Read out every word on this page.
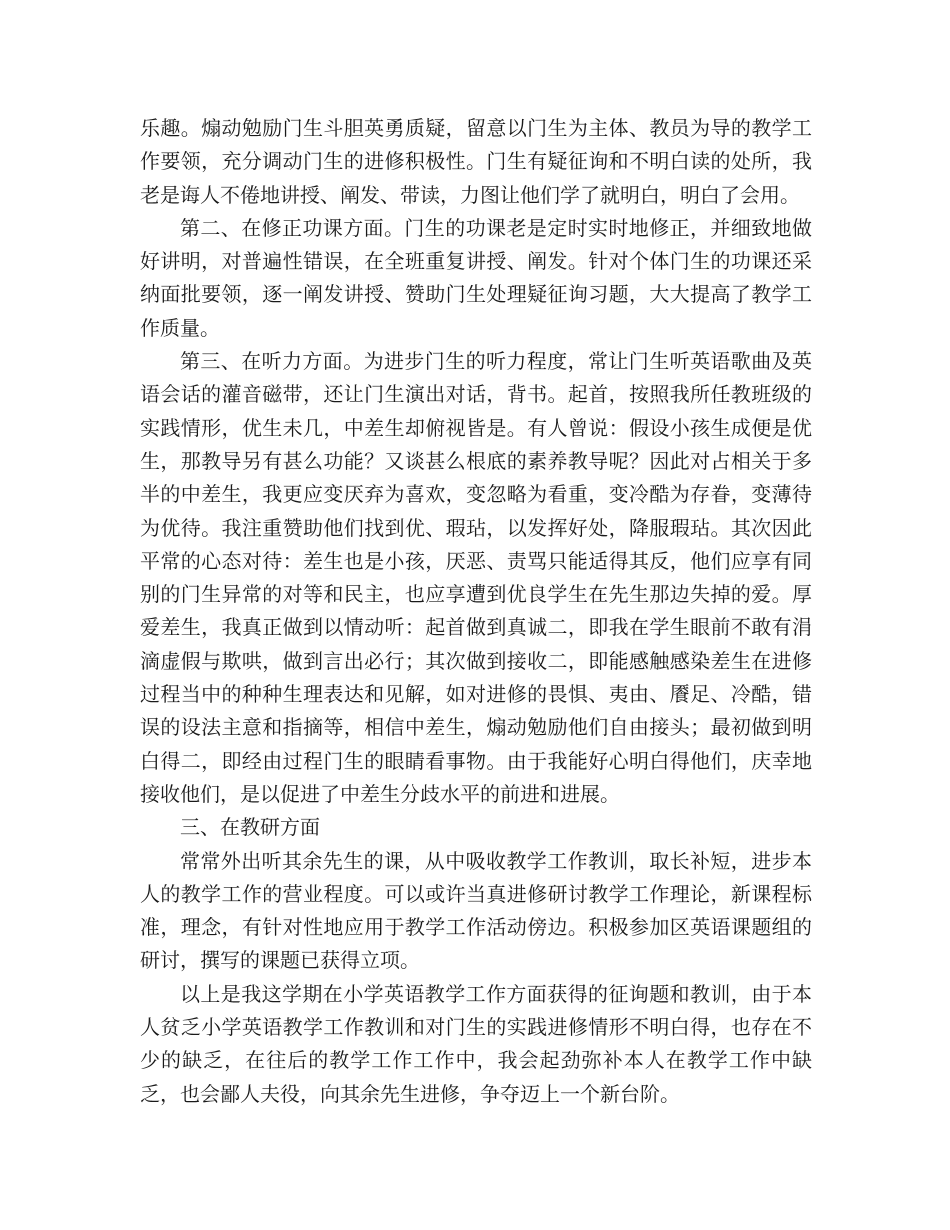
乐趣。煽动勉励门生斗胆英勇质疑，留意以门生为主体、教员为导的教学工作要领，充分调动门生的进修积极性。门生有疑征询和不明白读的处所，我老是诲人不倦地讲授、阐发、带读，力图让他们学了就明白，明白了会用。

第二、在修正功课方面。门生的功课老是定时实时地修正，并细致地做好讲明，对普遍性错误，在全班重复讲授、阐发。针对个体门生的功课还采纳面批要领，逐一阐发讲授、赞助门生处理疑征询习题，大大提高了教学工作质量。

第三、在听力方面。为进步门生的听力程度，常让门生听英语歌曲及英语会话的灌音磁带，还让门生演出对话，背书。起首，按照我所任教班级的实践情形，优生未几，中差生却俯视皆是。有人曾说：假设小孩生成便是优生，那教导另有甚么功能？又谈甚么根底的素养教导呢？因此对占相关于多半的中差生，我更应变厌弃为喜欢，变忽略为看重，变冷酷为存眷，变薄待为优待。我注重赞助他们找到优、瑕玷，以发挥好处，降服瑕玷。其次因此平常的心态对待：差生也是小孩，厌恶、责骂只能适得其反，他们应享有同别的门生异常的对等和民主，也应享遭到优良学生在先生那边失掉的爱。厚爱差生，我真正做到以情动听：起首做到真诚二，即我在学生眼前不敢有涓滴虚假与欺哄，做到言出必行；其次做到接收二，即能感触感染差生在进修过程当中的种种生理表达和见解，如对进修的畏惧、夷由、餍足、冷酷，错误的设法主意和指摘等，相信中差生，煽动勉励他们自由接头；最初做到明白得二，即经由过程门生的眼睛看事物。由于我能好心明白得他们，庆幸地接收他们，是以促进了中差生分歧水平的前进和进展。

三、在教研方面

常常外出听其余先生的课，从中吸收教学工作教训，取长补短，进步本人的教学工作的营业程度。可以或许当真进修研讨教学工作理论，新课程标准，理念，有针对性地应用于教学工作活动傍边。积极参加区英语课题组的研讨，撰写的课题已获得立项。

以上是我这学期在小学英语教学工作方面获得的征询题和教训，由于本人贫乏小学英语教学工作教训和对门生的实践进修情形不明白得，也存在不少的缺乏，在往后的教学工作工作中，我会起劲弥补本人在教学工作中缺乏，也会鄙人夫役，向其余先生进修，争夺迈上一个新台阶。
